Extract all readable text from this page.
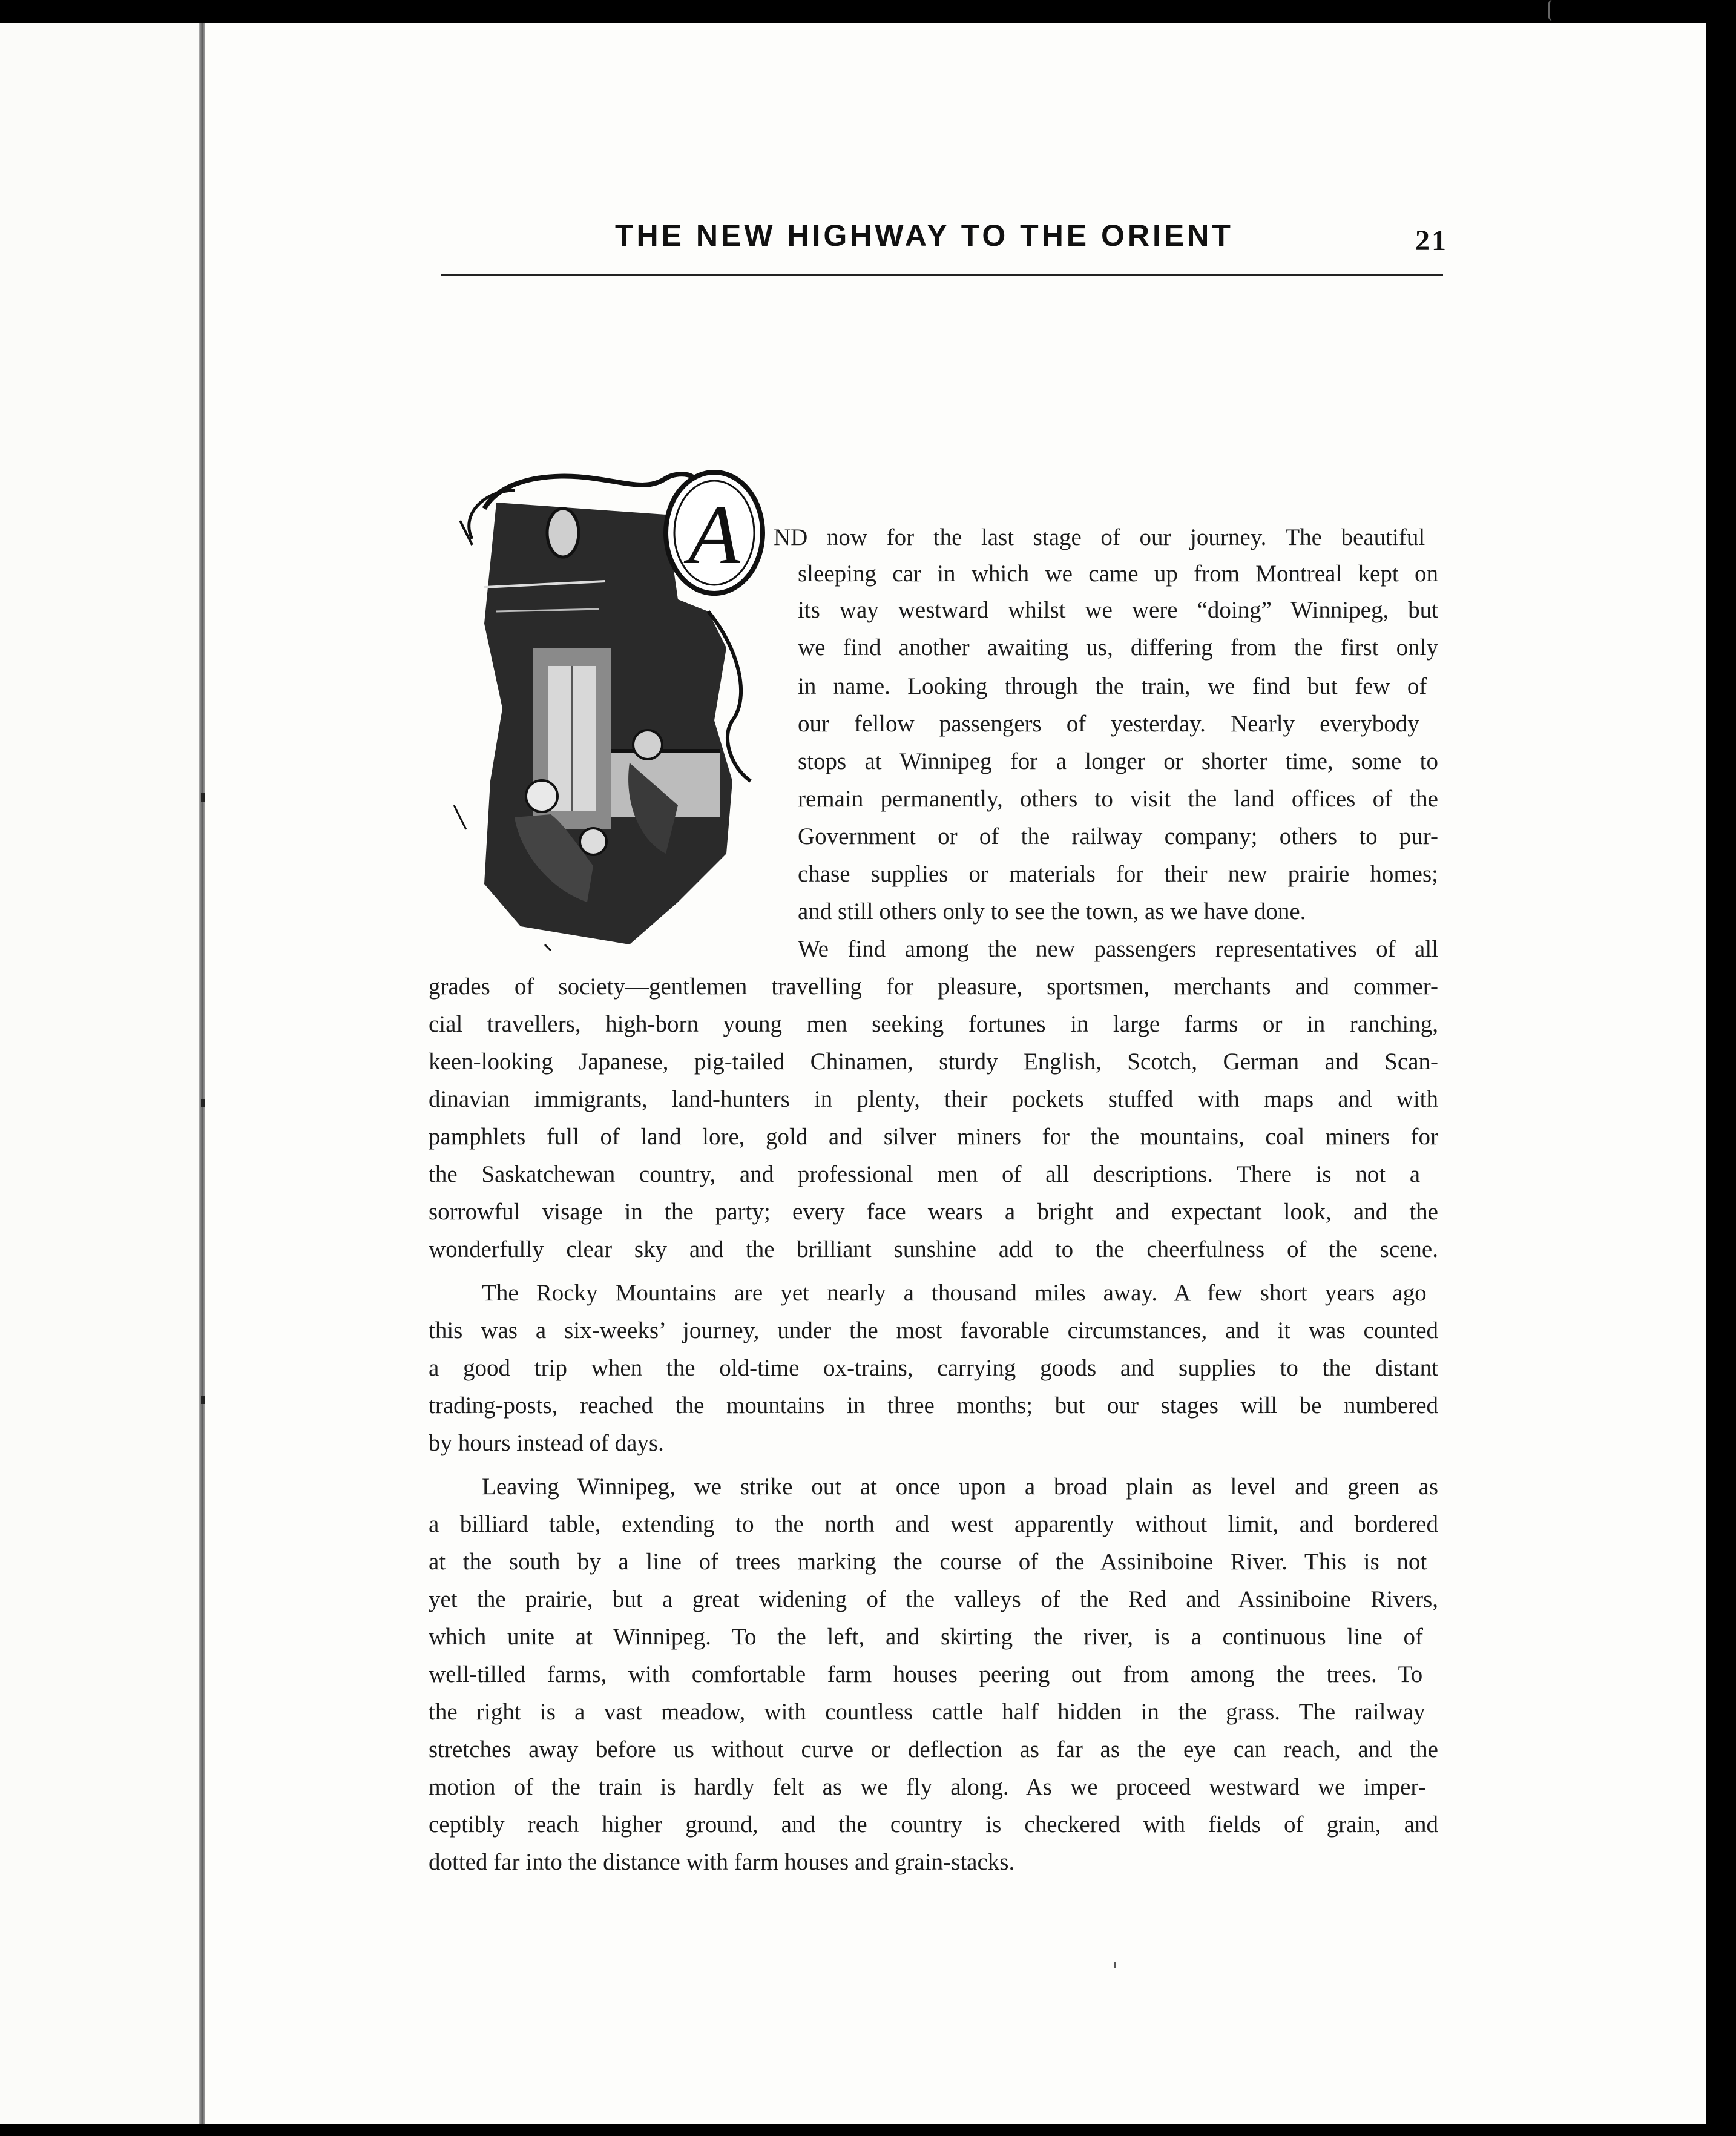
THE NEW HIGHWAY TO THE ORIENT	21
A ND now for the last stage of our journey. The beautiful
sleeping car in which we came up from Montreal kept on
its way westward whilst we were “doing” Winnipeg, but
we find another awaiting us, differing from the first only
in name. Looking through the train, we find but few of
our fellow passengers of yesterday. Nearly everybody
stops at Winnipeg for a longer or shorter time, some to
remain permanently, others to visit the land offices of the
Government or of the railway company; others to pur-
chase supplies or materials for their new prairie homes;
and still others only to see the town, as we have done.
We find among the new passengers representatives of all
grades of society—gentlemen travelling for pleasure, sportsmen, merchants and commer-
cial travellers, high-born young men seeking fortunes in large farms or in ranching,
keen-looking Japanese, pig-tailed Chinamen, sturdy English, Scotch, German and Scan-
dinavian immigrants, land-hunters in plenty, their pockets stuffed with maps and with
pamphlets full of land lore, gold and silver miners for the mountains, coal miners for
the Saskatchewan country, and professional men of all descriptions. There is not a
sorrowful visage in the party; every face wears a bright and expectant look, and the
wonderfully clear sky and the brilliant sunshine add to the cheerfulness of the scene.
The Rocky Mountains are yet nearly a thousand miles away. A few short years ago
this was a six-weeks’ journey, under the most favorable circumstances, and it was counted
a good trip when the old-time ox-trains, carrying goods and supplies to the distant
trading-posts, reached the mountains in three months; but our stages will be numbered
by hours instead of days.
Leaving Winnipeg, we strike out at once upon a broad plain as level and green as
a billiard table, extending to the north and west apparently without limit, and bordered
at the south by a line of trees marking the course of the Assiniboine River. This is not
yet the prairie, but a great widening of the valleys of the Red and Assiniboine Rivers,
which unite at Winnipeg. To the left, and skirting the river, is a continuous line of
well-tilled farms, with comfortable farm houses peering out from among the trees. To
the right is a vast meadow, with countless cattle half hidden in the grass. The railway
stretches away before us without curve or deflection as far as the eye can reach, and the
motion of the train is hardly felt as we fly along. As we proceed westward we imper-
ceptibly reach higher ground, and the country is checkered with fields of grain, and
dotted far into the distance with farm houses and grain-stacks.
